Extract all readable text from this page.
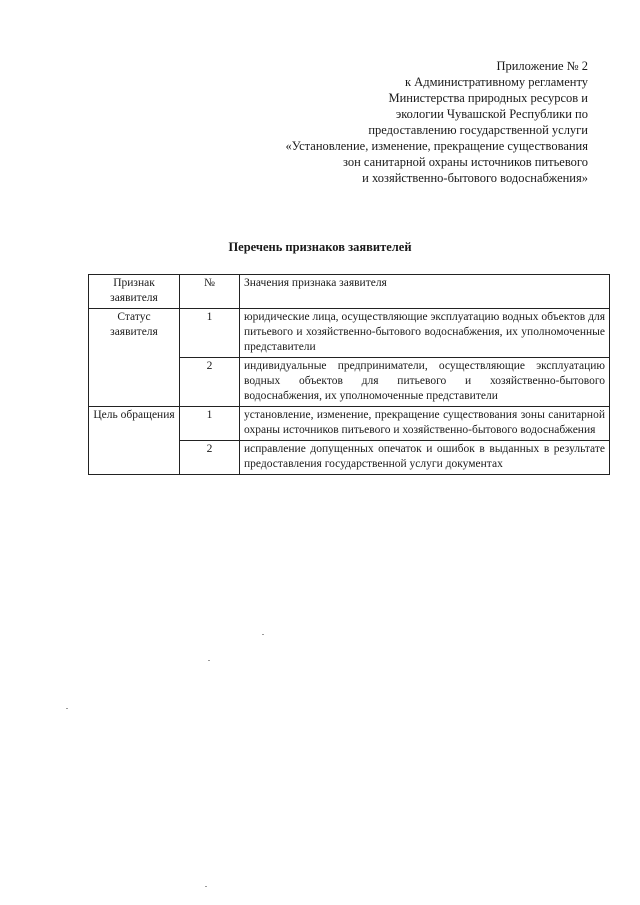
Приложение № 2
к Административному регламенту
Министерства природных ресурсов и
экологии Чувашской Республики по
предоставлению государственной услуги
«Установление, изменение, прекращение существования
зон санитарной охраны источников питьевого
и хозяйственно-бытового водоснабжения»
Перечень признаков заявителей
Признак заявителя	№	Значения признака заявителя
Статус заявителя	1	юридические лица, осуществляющие эксплуатацию водных объектов для питьевого и хозяйственно-бытового водоснабжения, их уполномоченные представители
	2	индивидуальные предприниматели, осуществляющие эксплуатацию водных объектов для питьевого и хозяйственно-бытового водоснабжения, их уполномоченные представители
Цель обращения	1	установление, изменение, прекращение существования зоны санитарной охраны источников питьевого и хозяйственно-бытового водоснабжения
	2	исправление допущенных опечаток и ошибок в выданных в результате предоставления государственной услуги документах
